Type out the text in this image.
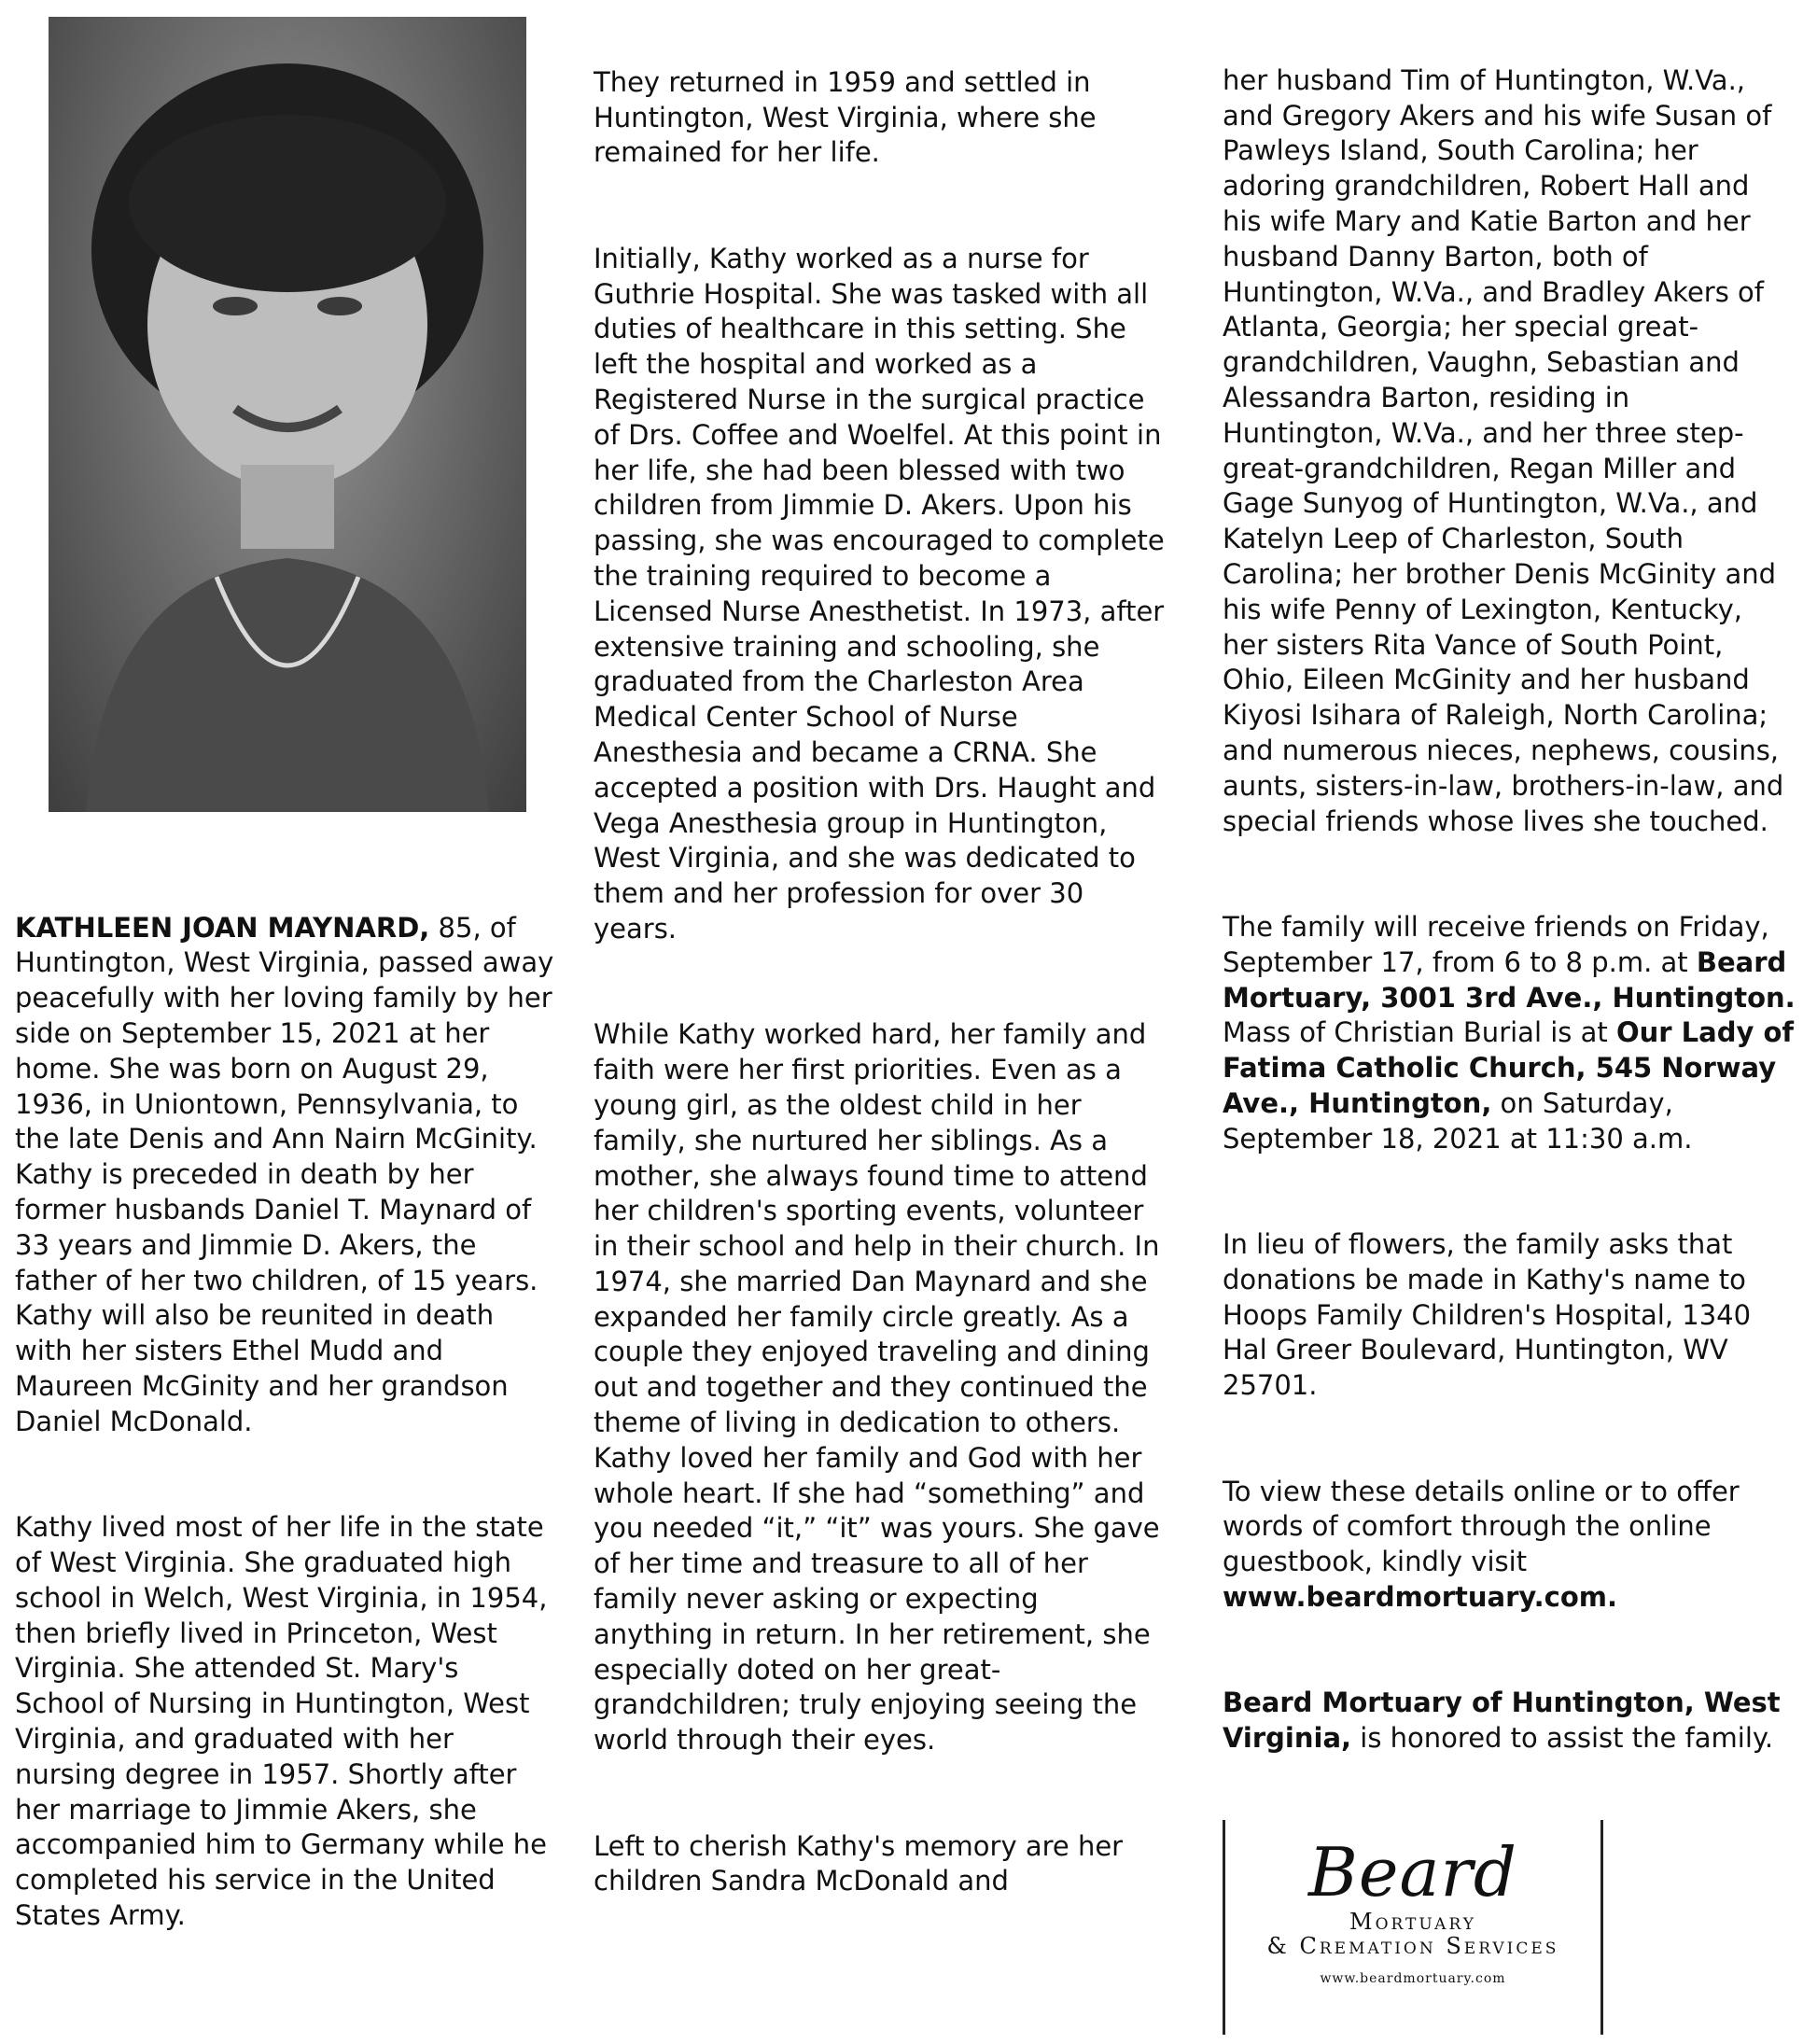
KATHLEEN JOAN MAYNARD, 85, of Huntington, West Virginia, passed away peacefully with her loving family by her side on September 15, 2021 at her home. She was born on August 29, 1936, in Uniontown, Pennsylvania, to the late Denis and Ann Nairn McGinity. Kathy is preceded in death by her former husbands Daniel T. Maynard of 33 years and Jimmie D. Akers, the father of her two children, of 15 years. Kathy will also be reunited in death with her sisters Ethel Mudd and Maureen McGinity and her grandson Daniel McDonald.

Kathy lived most of her life in the state of West Virginia. She graduated high school in Welch, West Virginia, in 1954, then briefly lived in Princeton, West Virginia. She attended St. Mary's School of Nursing in Huntington, West Virginia, and graduated with her nursing degree in 1957. Shortly after her marriage to Jimmie Akers, she accompanied him to Germany while he completed his service in the United States Army.

They returned in 1959 and settled in Huntington, West Virginia, where she remained for her life.

Initially, Kathy worked as a nurse for Guthrie Hospital. She was tasked with all duties of healthcare in this setting. She left the hospital and worked as a Registered Nurse in the surgical practice of Drs. Coffee and Woelfel. At this point in her life, she had been blessed with two children from Jimmie D. Akers. Upon his passing, she was encouraged to complete the training required to become a Licensed Nurse Anesthetist. In 1973, after extensive training and schooling, she graduated from the Charleston Area Medical Center School of Nurse Anesthesia and became a CRNA. She accepted a position with Drs. Haught and Vega Anesthesia group in Huntington, West Virginia, and she was dedicated to them and her profession for over 30 years.

While Kathy worked hard, her family and faith were her first priorities. Even as a young girl, as the oldest child in her family, she nurtured her siblings. As a mother, she always found time to attend her children's sporting events, volunteer in their school and help in their church. In 1974, she married Dan Maynard and she expanded her family circle greatly. As a couple they enjoyed traveling and dining out and together and they continued the theme of living in dedication to others. Kathy loved her family and God with her whole heart. If she had “something” and you needed “it,” “it” was yours. She gave of her time and treasure to all of her family never asking or expecting anything in return. In her retirement, she especially doted on her great-grandchildren; truly enjoying seeing the world through their eyes.

Left to cherish Kathy's memory are her children Sandra McDonald and

her husband Tim of Huntington, W.Va., and Gregory Akers and his wife Susan of Pawleys Island, South Carolina; her adoring grandchildren, Robert Hall and his wife Mary and Katie Barton and her husband Danny Barton, both of Huntington, W.Va., and Bradley Akers of Atlanta, Georgia; her special great-grandchildren, Vaughn, Sebastian and Alessandra Barton, residing in Huntington, W.Va., and her three step- great-grandchildren, Regan Miller and Gage Sunyog of Huntington, W.Va., and Katelyn Leep of Charleston, South Carolina; her brother Denis McGinity and his wife Penny of Lexington, Kentucky, her sisters Rita Vance of South Point, Ohio, Eileen McGinity and her husband Kiyosi Isihara of Raleigh, North Carolina; and numerous nieces, nephews, cousins, aunts, sisters-in-law, brothers-in-law, and special friends whose lives she touched.

The family will receive friends on Friday, September 17, from 6 to 8 p.m. at Beard Mortuary, 3001 3rd Ave., Huntington. Mass of Christian Burial is at Our Lady of Fatima Catholic Church, 545 Norway Ave., Huntington, on Saturday, September 18, 2021 at 11:30 a.m.

In lieu of flowers, the family asks that donations be made in Kathy's name to Hoops Family Children's Hospital, 1340 Hal Greer Boulevard, Huntington, WV 25701.

To view these details online or to offer words of comfort through the online guestbook, kindly visit www.beardmortuary.com.

Beard Mortuary of Huntington, West Virginia, is honored to assist the family.

Beard
Mortuary
& Cremation Services
www.beardmortuary.com
